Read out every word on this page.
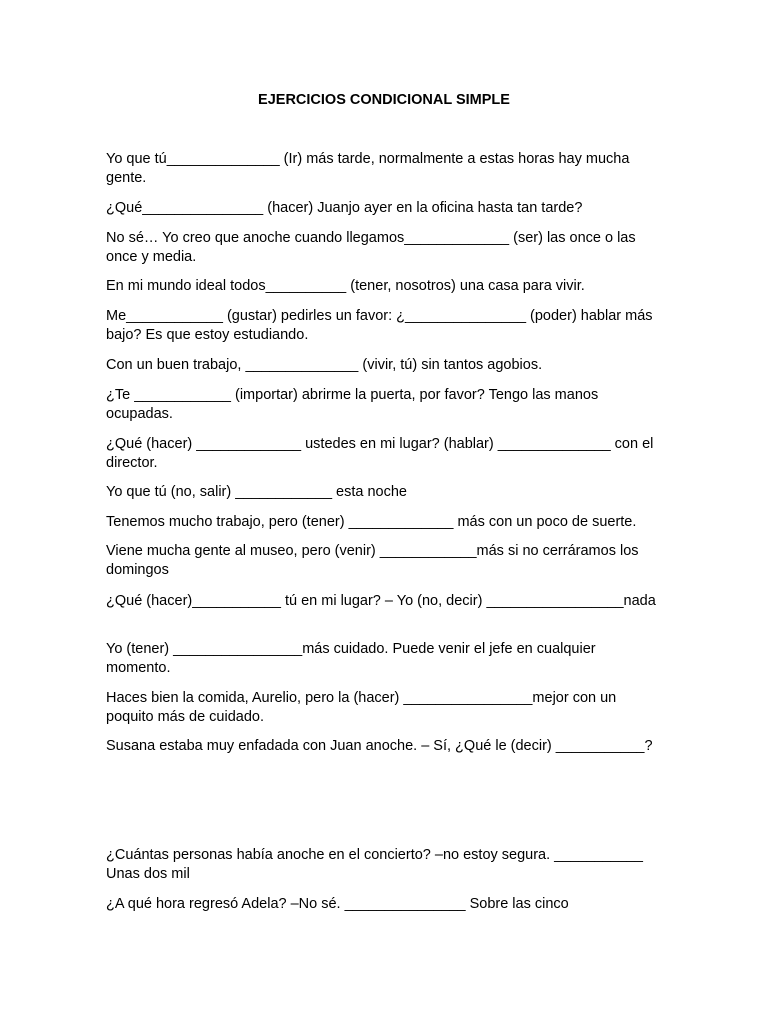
EJERCICIOS CONDICIONAL SIMPLE

Yo que tú______________ (Ir) más tarde, normalmente a estas horas hay mucha gente.

¿Qué_______________ (hacer) Juanjo ayer en la oficina hasta tan tarde?

No sé… Yo creo que anoche cuando llegamos_____________ (ser) las once o las once y media.

En mi mundo ideal todos__________ (tener, nosotros) una casa para vivir.

Me____________ (gustar) pedirles un favor: ¿_______________ (poder) hablar más bajo? Es que estoy estudiando.

Con un buen trabajo, ______________ (vivir, tú) sin tantos agobios.

¿Te ____________ (importar) abrirme la puerta, por favor? Tengo las manos ocupadas.

¿Qué (hacer) _____________ ustedes en mi lugar? (hablar) ______________ con el director.

Yo que tú (no, salir) ____________ esta noche

Tenemos mucho trabajo, pero (tener) _____________ más con un poco de suerte.

Viene mucha gente al museo, pero (venir) ____________más si no cerráramos los domingos

¿Qué (hacer)___________ tú en mi lugar? – Yo (no, decir) _________________nada

Yo (tener) ________________más cuidado. Puede venir el jefe en cualquier momento.

Haces bien la comida, Aurelio, pero la (hacer) ________________mejor con un poquito más de cuidado.

Susana estaba muy enfadada con Juan anoche. – Sí, ¿Qué le (decir) ___________?

¿Cuántas personas había anoche en el concierto? –no estoy segura. ___________ Unas dos mil

¿A qué hora regresó Adela? –No sé. _______________ Sobre las cinco
